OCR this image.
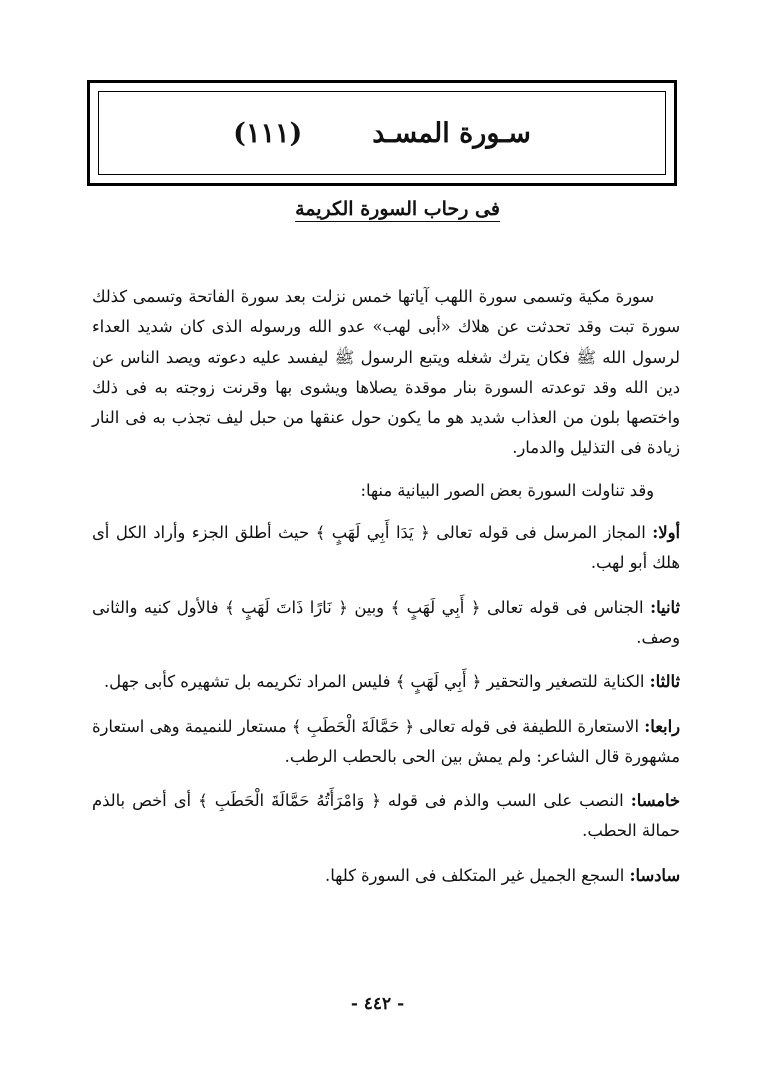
سـورة المسـد
(١١١)
فى رحاب السورة الكريمة

سورة مكية وتسمى سورة اللهب آياتها خمس نزلت بعد سورة الفاتحة وتسمى كذلك سورة تبت وقد تحدثت عن هلاك «أبى لهب» عدو الله ورسوله الذى كان شديد العداء لرسول الله ﷺ فكان يترك شغله ويتبع الرسول ﷺ ليفسد عليه دعوته ويصد الناس عن دين الله وقد توعدته السورة بنار موقدة يصلاها ويشوى بها وقرنت زوجته به فى ذلك واختصها بلون من العذاب شديد هو ما يكون حول عنقها من حبل ليف تجذب به فى النار زيادة فى التذليل والدمار.

وقد تناولت السورة بعض الصور البيانية منها:

أولا: المجاز المرسل فى قوله تعالى ﴿ يَدَا أَبِي لَهَبٍ ﴾ حيث أطلق الجزء وأراد الكل أى هلك أبو لهب.

ثانيا: الجناس فى قوله تعالى ﴿ أَبِي لَهَبٍ ﴾ وبين ﴿ نَارًا ذَاتَ لَهَبٍ ﴾ فالأول كنيه والثانى وصف.

ثالثا: الكناية للتصغير والتحقير ﴿ أَبِي لَهَبٍ ﴾ فليس المراد تكريمه بل تشهيره كأبى جهل.

رابعا: الاستعارة اللطيفة فى قوله تعالى ﴿ حَمَّالَةَ الْحَطَبِ ﴾ مستعار للنميمة وهى استعارة مشهورة قال الشاعر: ولم يمش بين الحى بالحطب الرطب.

خامسا: النصب على السب والذم فى قوله ﴿ وَامْرَأَتُهُ حَمَّالَةَ الْحَطَبِ ﴾ أى أخص بالذم حمالة الحطب.

سادسا: السجع الجميل غير المتكلف فى السورة كلها.

- ٤٤٢ -
